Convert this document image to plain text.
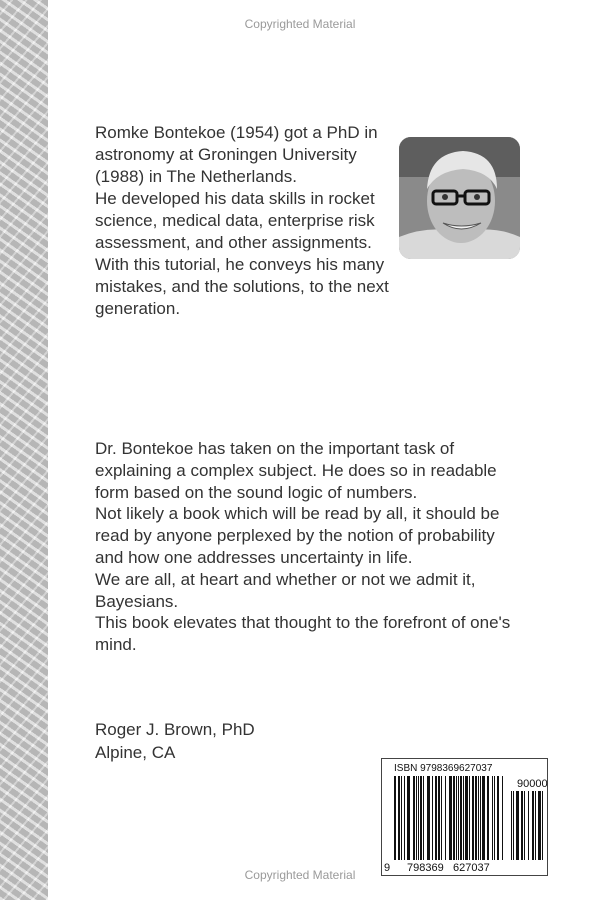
Copyrighted Material
Romke Bontekoe (1954) got a PhD in astronomy at Groningen University (1988) in The Netherlands.
He developed his data skills in rocket science, medical data, enterprise risk assessment, and other assignments.
With this tutorial, he conveys his many mistakes, and the solutions, to the next generation.
Dr. Bontekoe has taken on the important task of explaining a complex subject. He does so in readable form based on the sound logic of numbers.
Not likely a book which will be read by all, it should be read by anyone perplexed by the notion of probability and how one addresses uncertainty in life.
We are all, at heart and whether or not we admit it, Bayesians.
This book elevates that thought to the forefront of one's mind.
Roger J. Brown, PhD
Alpine, CA
ISBN 9798369627037
90000
9 798369 627037
Copyrighted Material
